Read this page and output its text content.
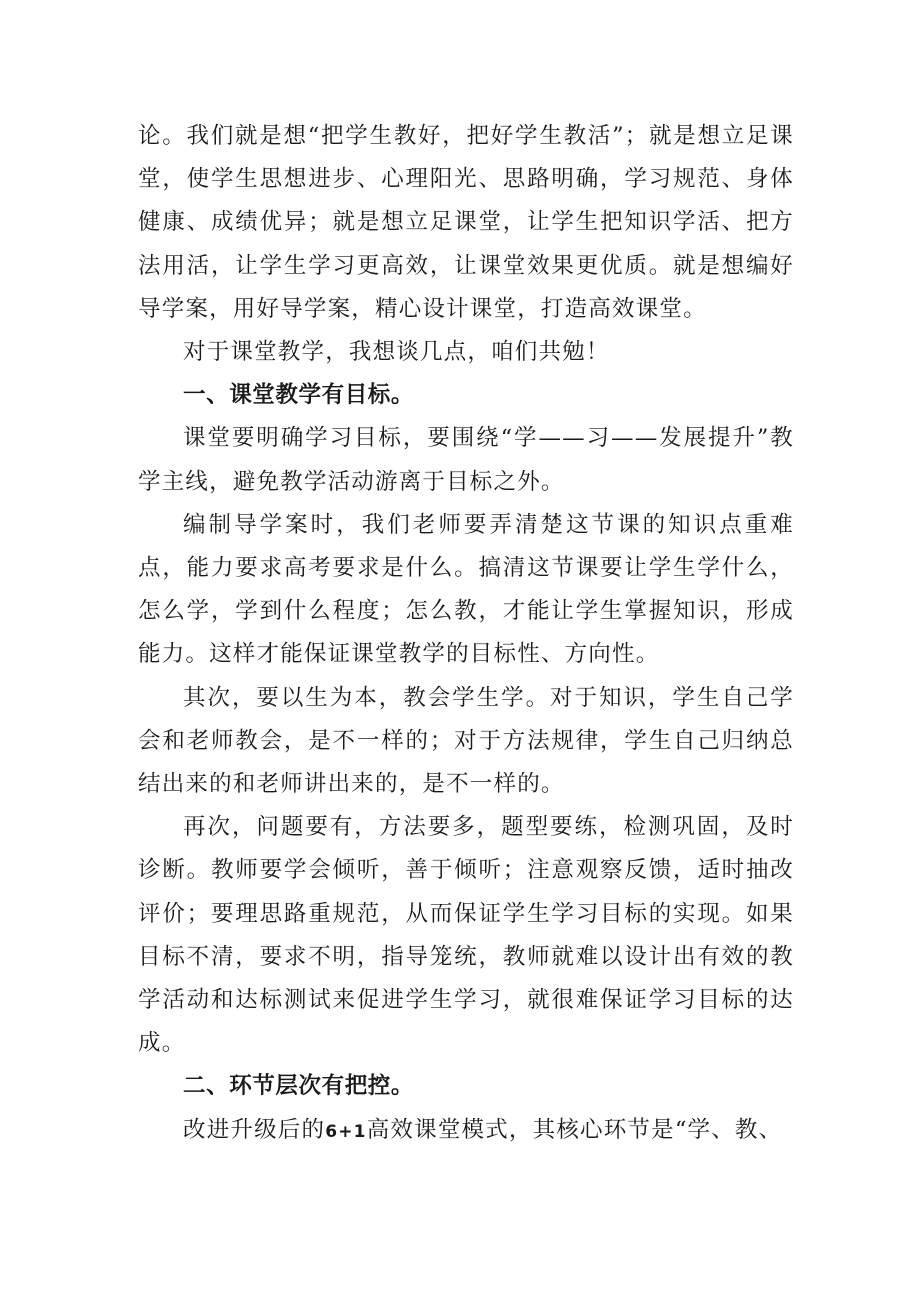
论。我们就是想“把学生教好，把好学生教活”；就是想立足课堂，使学生思想进步、心理阳光、思路明确，学习规范、身体健康、成绩优异；就是想立足课堂，让学生把知识学活、把方法用活，让学生学习更高效，让课堂效果更优质。就是想编好导学案，用好导学案，精心设计课堂，打造高效课堂。

对于课堂教学，我想谈几点，咱们共勉！

一、课堂教学有目标。

课堂要明确学习目标，要围绕“学——习——发展提升”教学主线，避免教学活动游离于目标之外。

编制导学案时，我们老师要弄清楚这节课的知识点重难点，能力要求高考要求是什么。搞清这节课要让学生学什么，怎么学，学到什么程度；怎么教，才能让学生掌握知识，形成能力。这样才能保证课堂教学的目标性、方向性。

其次，要以生为本，教会学生学。对于知识，学生自己学会和老师教会，是不一样的；对于方法规律，学生自己归纳总结出来的和老师讲出来的，是不一样的。

再次，问题要有，方法要多，题型要练，检测巩固，及时诊断。教师要学会倾听，善于倾听；注意观察反馈，适时抽改评价；要理思路重规范，从而保证学生学习目标的实现。如果目标不清，要求不明，指导笼统，教师就难以设计出有效的教学活动和达标测试来促进学生学习，就很难保证学习目标的达成。

二、环节层次有把控。

改进升级后的6+1高效课堂模式，其核心环节是“学、教、
